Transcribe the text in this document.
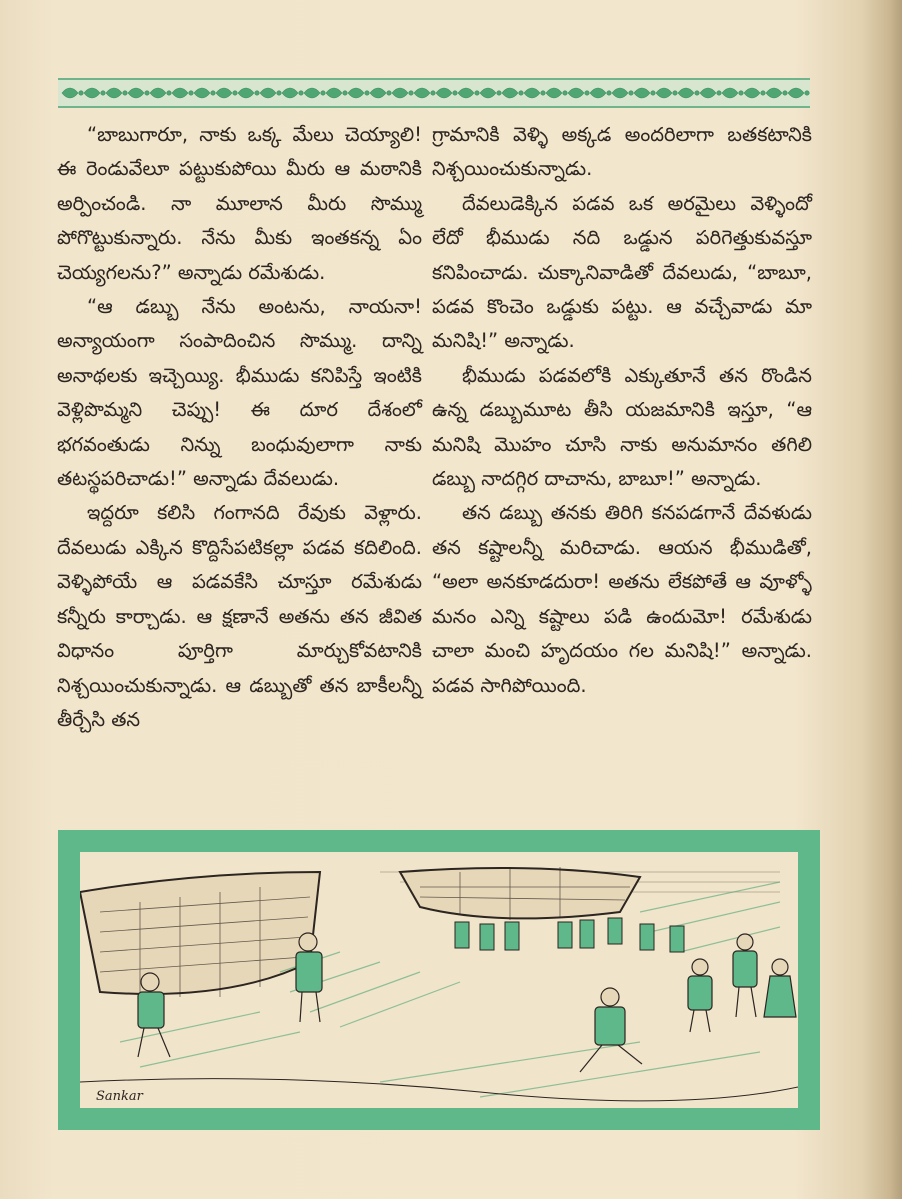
“బాబుగారూ, నాకు ఒక్క మేలు చెయ్యాలి! ఈ రెండువేలూ పట్టుకుపోయి మీరు ఆ మఠానికి అర్పించండి. నా మూలాన మీరు సొమ్ము పోగొట్టుకున్నారు. నేను మీకు ఇంతకన్న ఏం చెయ్యగలను?” అన్నాడు రమేశుడు.

“ఆ డబ్బు నేను అంటను, నాయనా! అన్యాయంగా సంపాదించిన సొమ్ము. దాన్ని అనాథలకు ఇచ్చెయ్యి. భీముడు కనిపిస్తే ఇంటికి వెళ్లిపొమ్మని చెప్పు! ఈ దూర దేశంలో భగవంతుడు నిన్ను బంధువులాగా నాకు తటస్థపరిచాడు!” అన్నాడు దేవలుడు.

ఇద్దరూ కలిసి గంగానది రేవుకు వెళ్లారు. దేవలుడు ఎక్కిన కొద్దిసేపటికల్లా పడవ కదిలింది. వెళ్ళిపోయే ఆ పడవకేసి చూస్తూ రమేశుడు కన్నీరు కార్చాడు. ఆ క్షణానే అతను తన జీవిత విధానం పూర్తిగా మార్చుకోవటానికి నిశ్చయించుకున్నాడు. ఆ డబ్బుతో తన బాకీలన్నీ తీర్చేసి తన

గ్రామానికి వెళ్ళి అక్కడ అందరిలాగా బతకటానికి నిశ్చయించుకున్నాడు.

దేవలుడెక్కిన పడవ ఒక అరమైలు వెళ్ళిందో లేదో భీముడు నది ఒడ్డున పరిగెత్తుకువస్తూ కనిపించాడు. చుక్కానివాడితో దేవలుడు, “బాబూ, పడవ కొంచెం ఒడ్డుకు పట్టు. ఆ వచ్చేవాడు మా మనిషి!” అన్నాడు.

భీముడు పడవలోకి ఎక్కుతూనే తన రొండిన ఉన్న డబ్బుమూట తీసి యజమానికి ఇస్తూ, “ఆ మనిషి మొహం చూసి నాకు అనుమానం తగిలి డబ్బు నాదగ్గిర దాచాను, బాబూ!” అన్నాడు.

తన డబ్బు తనకు తిరిగి కనపడగానే దేవళుడు తన కష్టాలన్నీ మరిచాడు. ఆయన భీముడితో, “అలా అనకూడదురా! అతను లేకపోతే ఆ వూళ్ళో మనం ఎన్ని కష్టాలు పడి ఉందుమో! రమేశుడు చాలా మంచి హృదయం గల మనిషి!” అన్నాడు. పడవ సాగిపోయింది.

Sankar
